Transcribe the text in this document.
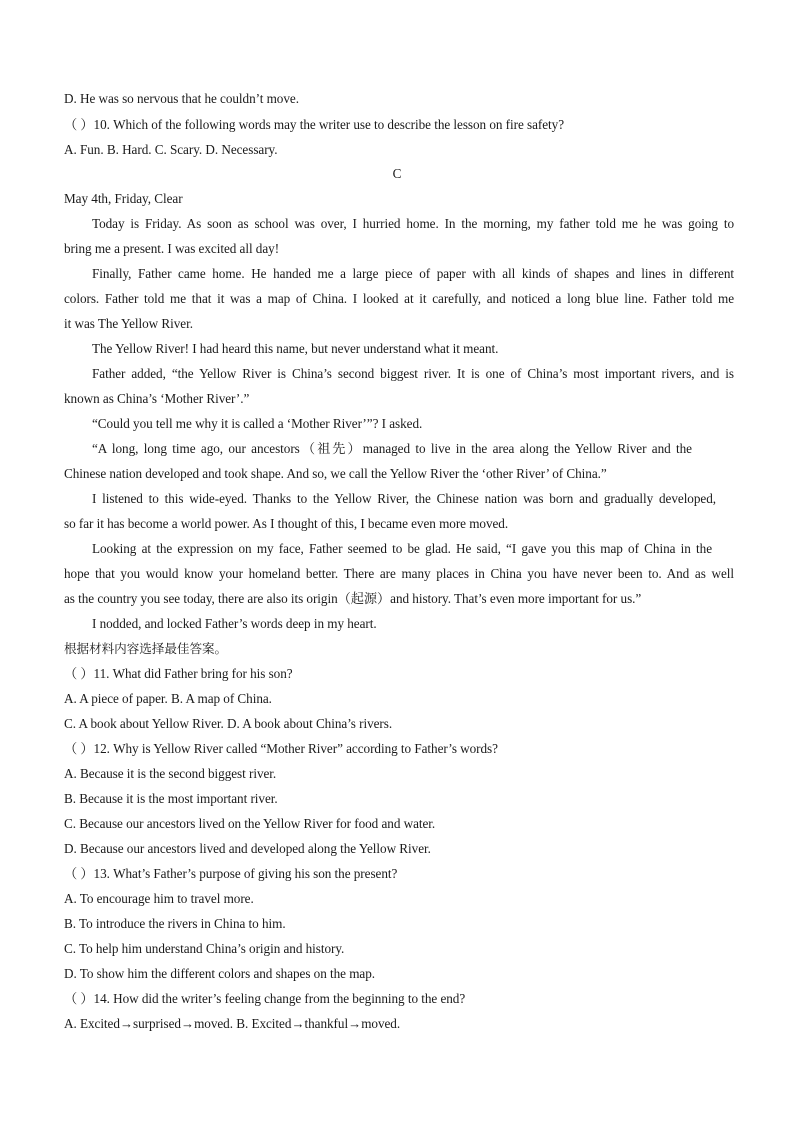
D. He was so nervous that he couldn’t move.
（ ）10. Which of the following words may the writer use to describe the lesson on fire safety?
A. Fun. B. Hard. C. Scary. D. Necessary.
C
May 4th, Friday, Clear
Today is Friday. As soon as school was over, I hurried home. In the morning, my father told me he was going to
bring me a present. I was excited all day!
Finally, Father came home. He handed me a large piece of paper with all kinds of shapes and lines in different
colors. Father told me that it was a map of China. I looked at it carefully, and noticed a long blue line. Father told me
it was The Yellow River.
The Yellow River! I had heard this name, but never understand what it meant.
Father added, “the Yellow River is China’s second biggest river. It is one of China’s most important rivers, and is
known as China’s ‘Mother River’.”
“Could you tell me why it is called a ‘Mother River’”? I asked.
“A long, long time ago, our ancestors（祖先）managed to live in the area along the Yellow River and the
Chinese nation developed and took shape. And so, we call the Yellow River the ‘other River’ of China.”
I listened to this wide-eyed. Thanks to the Yellow River, the Chinese nation was born and gradually developed,
so far it has become a world power. As I thought of this, I became even more moved.
Looking at the expression on my face, Father seemed to be glad. He said, “I gave you this map of China in the
hope that you would know your homeland better. There are many places in China you have never been to. And as well
as the country you see today, there are also its origin（起源）and history. That’s even more important for us.”
I nodded, and locked Father’s words deep in my heart.
根据材料内容选择最佳答案。
（ ）11. What did Father bring for his son?
A. A piece of paper. B. A map of China.
C. A book about Yellow River. D. A book about China’s rivers.
（ ）12. Why is Yellow River called “Mother River” according to Father’s words?
A. Because it is the second biggest river.
B. Because it is the most important river.
C. Because our ancestors lived on the Yellow River for food and water.
D. Because our ancestors lived and developed along the Yellow River.
（ ）13. What’s Father’s purpose of giving his son the present?
A. To encourage him to travel more.
B. To introduce the rivers in China to him.
C. To help him understand China’s origin and history.
D. To show him the different colors and shapes on the map.
（ ）14. How did the writer’s feeling change from the beginning to the end?
A. Excited→surprised→moved. B. Excited→thankful→moved.
